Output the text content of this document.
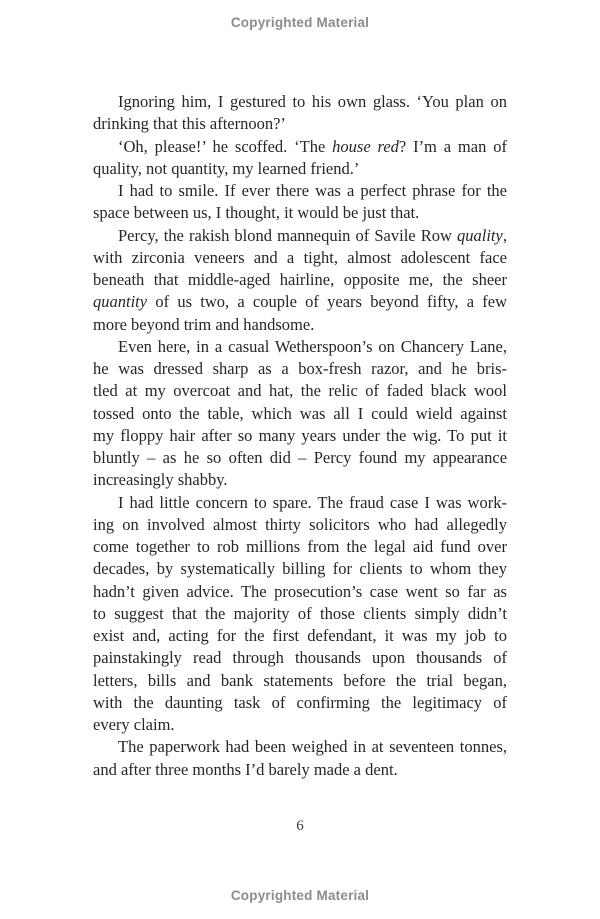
Copyrighted Material
Ignoring him, I gestured to his own glass. ‘You plan on
drinking that this afternoon?’
‘Oh, please!’ he scoffed. ‘The house red? I’m a man of
quality, not quantity, my learned friend.’
I had to smile. If ever there was a perfect phrase for the
space between us, I thought, it would be just that.
Percy, the rakish blond mannequin of Savile Row quality,
with zirconia veneers and a tight, almost adolescent face
beneath that middle-aged hairline, opposite me, the sheer
quantity of us two, a couple of years beyond fifty, a few
more beyond trim and handsome.
Even here, in a casual Wetherspoon’s on Chancery Lane,
he was dressed sharp as a box-fresh razor, and he bris-
tled at my overcoat and hat, the relic of faded black wool
tossed onto the table, which was all I could wield against
my floppy hair after so many years under the wig. To put it
bluntly – as he so often did – Percy found my appearance
increasingly shabby.
I had little concern to spare. The fraud case I was work-
ing on involved almost thirty solicitors who had allegedly
come together to rob millions from the legal aid fund over
decades, by systematically billing for clients to whom they
hadn’t given advice. The prosecution’s case went so far as
to suggest that the majority of those clients simply didn’t
exist and, acting for the first defendant, it was my job to
painstakingly read through thousands upon thousands of
letters, bills and bank statements before the trial began,
with the daunting task of confirming the legitimacy of
every claim.
The paperwork had been weighed in at seventeen tonnes,
and after three months I’d barely made a dent.
6
Copyrighted Material
